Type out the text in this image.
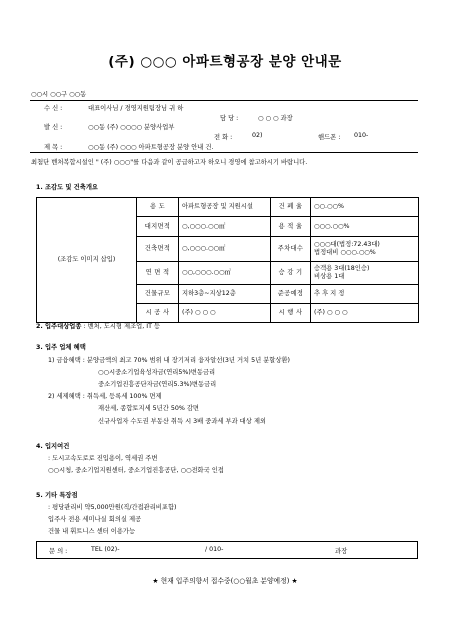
(주) ○○○ 아파트형공장 분양 안내문
○○시 ○○구 ○○동
수 신 :	대표이사님 / 경영지원팀장님 귀 하
담 당 :	○ ○ ○ 과장
발 신 :	○○동 (주) ○○○○ 분양사업부
전 화 :	02)	핸드폰 : 010-
제 목 :	○○동 (주) ○○○ 아파트형공장 분양 안내 건.
최첨단 벤처복합시설인 " (주) ○○○"를 다음과 같이 공급하고자 하오니 경영에 참고하시기 바랍니다.
1. 조감도 및 건축개요
(조감도 이미지 삽입)	용 도	아파트형공장 및 지원시설	건 폐 율	○○.○○%
	대지면적	○,○○○.○○㎡	용 적 율	○○○.○○%
	건축면적	○,○○○.○○㎡	주차대수	○○○대(법정:72.43대)
법정대비 ○○○.○○%

	연 면 적	○○,○○○.○○㎡	승 강 기	승객용 3대(18인승)
비상용 1대

	건물규모	지하3층~지상12층	준공예정	추 후 지 정
	시 공 사	(주) ○ ○ ○	시 행 사	(주) ○ ○ ○
2. 입주대상업종 : 벤처, 도시형 제조업, IT 등
3. 입주 업체 혜택
1) 금융혜택 : 분양금액의 최고 70% 범위 내 장기저리 융자알선(3년 거치 5년 분할상환)
○○시중소기업육성자금(연리5%)변동금리
중소기업진흥공단자금(연리5.3%)변동금리
2) 세제혜택 : 취득세, 등록세 100% 면제
재산세, 종합토지세 5년간 50% 감면
신규사업자 수도권 부동산 취득 시 3배 중과세 부과 대상 제외
4. 입지여건
: 도시고속도로로 진입용이, 역세권 주변
○○시청, 중소기업지원센터, 중소기업진흥공단, ○○전화국 인접
5. 기타 특장점
: 평당관리비 약5,000만원(직/간접관리비포함)
입주사 전용 세미나실 회의실 제공
건물 내 휘트니스 센터 이용가능
문 의 :	TEL (02)-	/ 010-	과장
★ 현재 입주의향서 접수중(○○월초 분양예정) ★
